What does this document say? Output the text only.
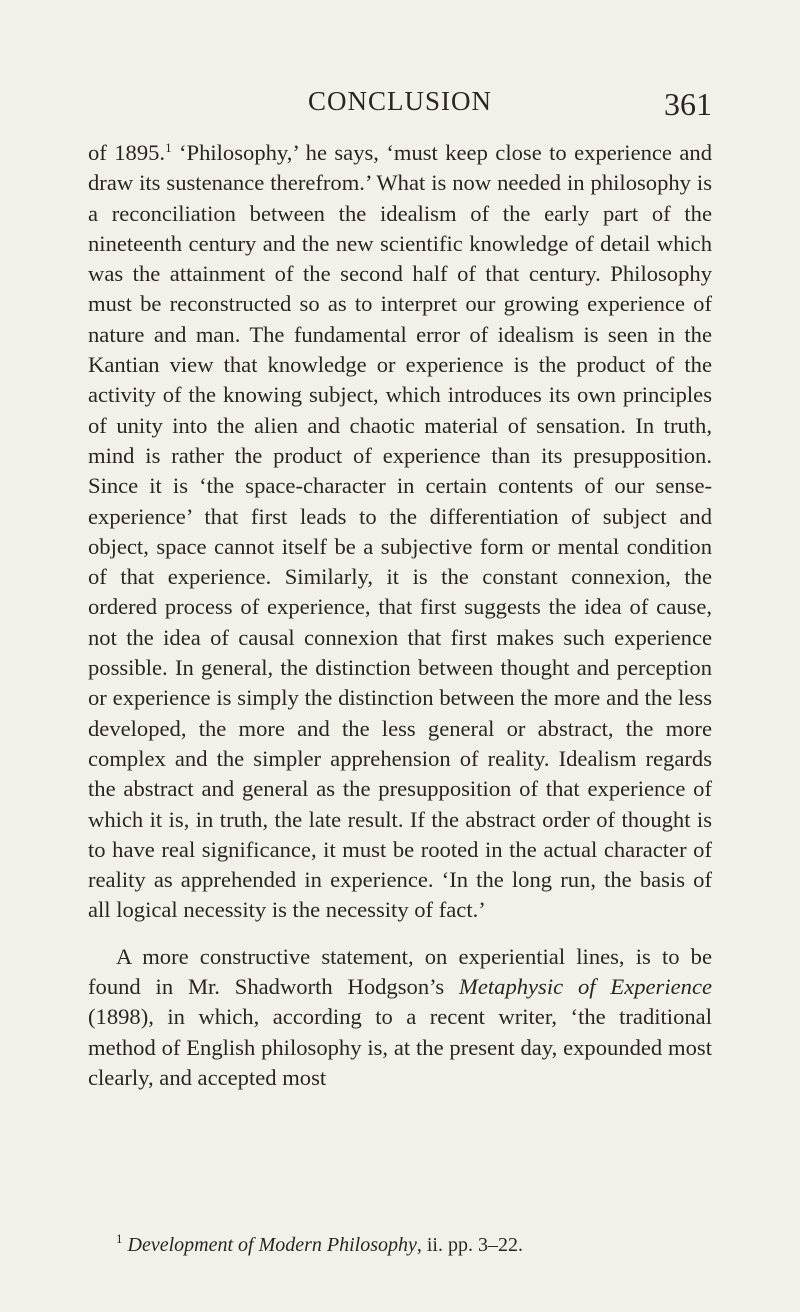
CONCLUSION	361

of 1895.$^1$ ‘Philosophy,’ he says, ‘must keep close to experience and draw its sustenance therefrom.’ What is now needed in philosophy is a reconciliation between the idealism of the early part of the nineteenth century and the new scientific knowledge of detail which was the attainment of the second half of that century. Philosophy must be reconstructed so as to interpret our growing experience of nature and man. The fundamental error of idealism is seen in the Kantian view that knowledge or experience is the product of the activity of the knowing subject, which introduces its own principles of unity into the alien and chaotic material of sensation. In truth, mind is rather the product of experience than its presupposition. Since it is ‘the space-character in certain contents of our sense-experience’ that first leads to the differentiation of subject and object, space cannot itself be a subjective form or mental condition of that experience. Similarly, it is the constant connexion, the ordered process of experience, that first suggests the idea of cause, not the idea of causal connexion that first makes such experience possible. In general, the distinction between thought and perception or experience is simply the distinction between the more and the less developed, the more and the less general or abstract, the more complex and the simpler apprehension of reality. Idealism regards the abstract and general as the presupposition of that experience of which it is, in truth, the late result. If the abstract order of thought is to have real significance, it must be rooted in the actual character of reality as apprehended in experience. ‘In the long run, the basis of all logical necessity is the necessity of fact.’

A more constructive statement, on experiential lines, is to be found in Mr. Shadworth Hodgson’s Metaphysic of Experience (1898), in which, according to a recent writer, ‘the traditional method of English philosophy is, at the present day, expounded most clearly, and accepted most

$^1$ Development of Modern Philosophy, ii. pp. 3–22.
